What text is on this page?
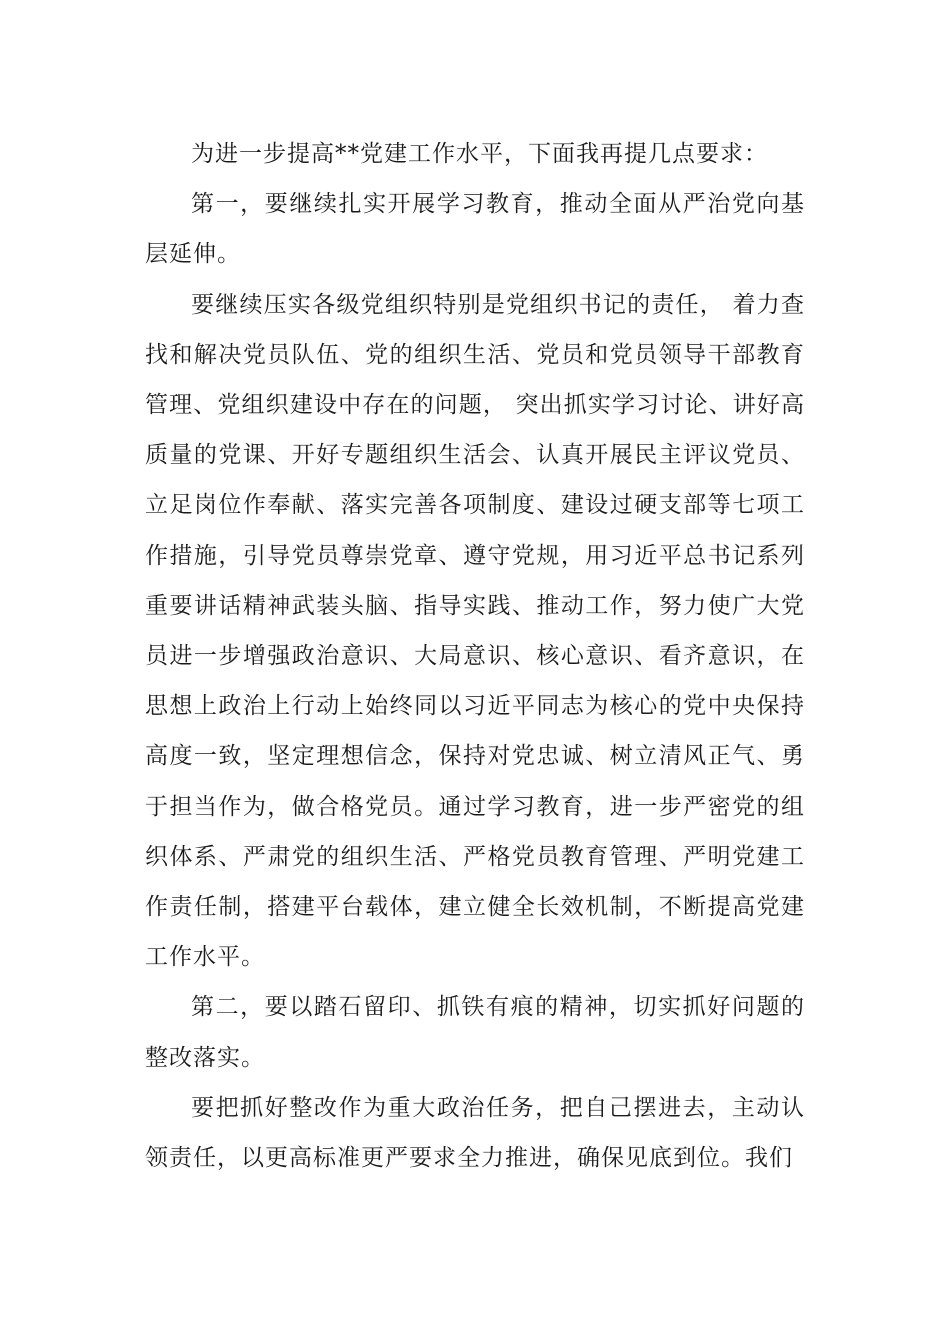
为进一步提高**党建工作水平，下面我再提几点要求：

第一，要继续扎实开展学习教育，推动全面从严治党向基层延伸。

要继续压实各级党组织特别是党组织书记的责任， 着力查找和解决党员队伍、党的组织生活、党员和党员领导干部教育管理、党组织建设中存在的问题， 突出抓实学习讨论、讲好高质量的党课、开好专题组织生活会、认真开展民主评议党员、立足岗位作奉献、落实完善各项制度、建设过硬支部等七项工作措施，引导党员尊崇党章、遵守党规，用习近平总书记系列重要讲话精神武装头脑、指导实践、推动工作，努力使广大党员进一步增强政治意识、大局意识、核心意识、看齐意识，在思想上政治上行动上始终同以习近平同志为核心的党中央保持高度一致，坚定理想信念，保持对党忠诚、树立清风正气、勇于担当作为，做合格党员。通过学习教育，进一步严密党的组织体系、严肃党的组织生活、严格党员教育管理、严明党建工作责任制，搭建平台载体，建立健全长效机制，不断提高党建工作水平。

第二，要以踏石留印、抓铁有痕的精神，切实抓好问题的整改落实。

要把抓好整改作为重大政治任务，把自己摆进去，主动认领责任，以更高标准更严要求全力推进，确保见底到位。我们
